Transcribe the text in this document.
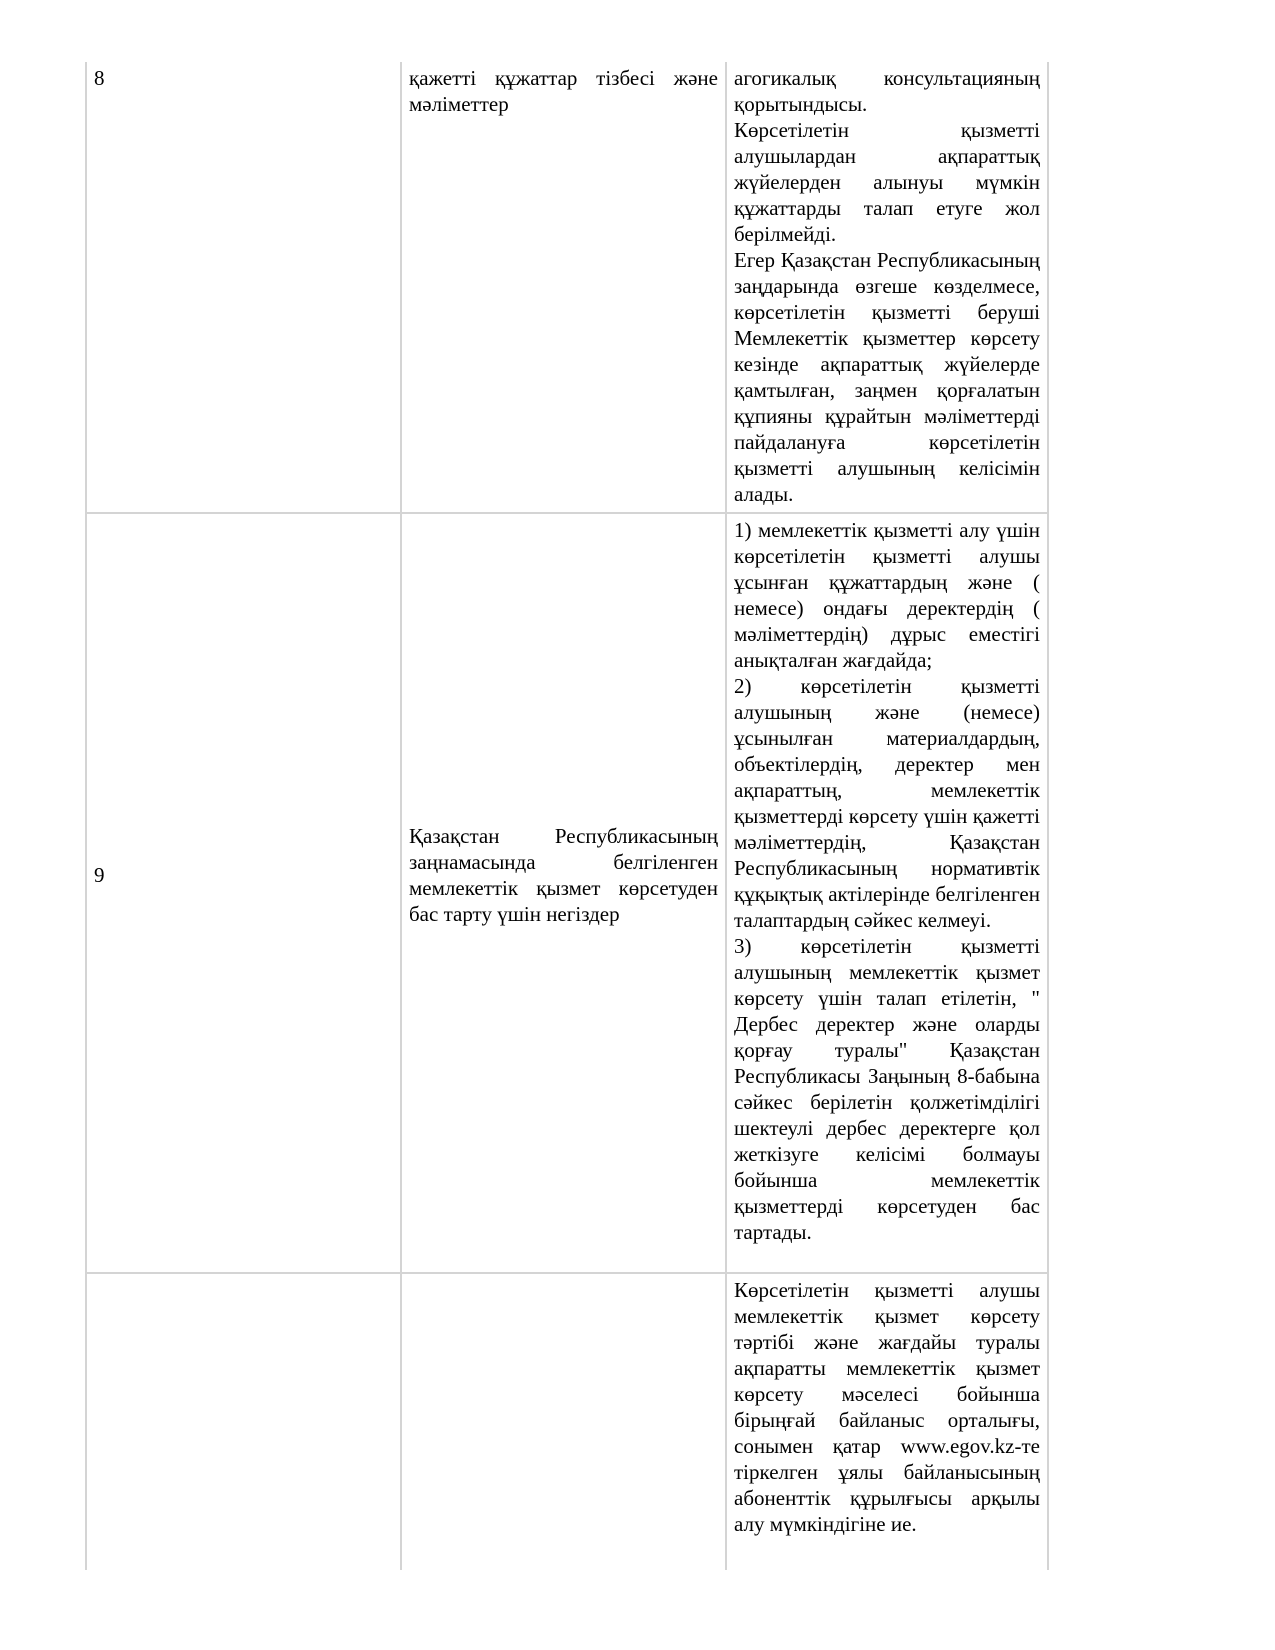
8	қажетті құжаттар тізбесі және мәліметтер

агогикалық консультацияның қорытындысы.

Көрсетілетін қызметті алушылардан ақпараттық жүйелерден алынуы мүмкін құжаттарды талап етуге жол берілмейді.

Егер Қазақстан Республикасының заңдарында өзгеше көзделмесе, көрсетілетін қызметті беруші Мемлекеттік қызметтер көрсету кезінде ақпараттық жүйелерде қамтылған, заңмен қорғалатын құпияны құрайтын мәліметтерді пайдалануға көрсетілетін қызметті алушының келісімін алады.

9

Қазақстан Республикасының заңнамасында белгіленген мемлекеттік қызмет көрсетуден бас тарту үшін негіздер

1) мемлекеттік қызметті алу үшін көрсетілетін қызметті алушы ұсынған құжаттардың және ( немесе) ондағы деректердің ( мәліметтердің) дұрыс еместігі анықталған жағдайда;

2) көрсетілетін қызметті алушының және (немесе) ұсынылған материалдардың, объектілердің, деректер мен ақпараттың, мемлекеттік қызметтерді көрсету үшін қажетті мәліметтердің, Қазақстан Республикасының нормативтік құқықтық актілерінде белгіленген талаптардың сәйкес келмеуі.

3) көрсетілетін қызметті алушының мемлекеттік қызмет көрсету үшін талап етілетін, " Дербес деректер және оларды қорғау туралы" Қазақстан Республикасы Заңының 8-бабына сәйкес берілетін қолжетімділігі шектеулі дербес деректерге қол жеткізуге келісімі болмауы бойынша мемлекеттік қызметтерді көрсетуден бас тартады.

Көрсетілетін қызметті алушы мемлекеттік қызмет көрсету тәртібі және жағдайы туралы ақпаратты мемлекеттік қызмет көрсету мәселесі бойынша бірыңғай байланыс орталығы, сонымен қатар www.egov.kz-те тіркелген ұялы байланысының абоненттік құрылғысы арқылы алу мүмкіндігіне ие.
